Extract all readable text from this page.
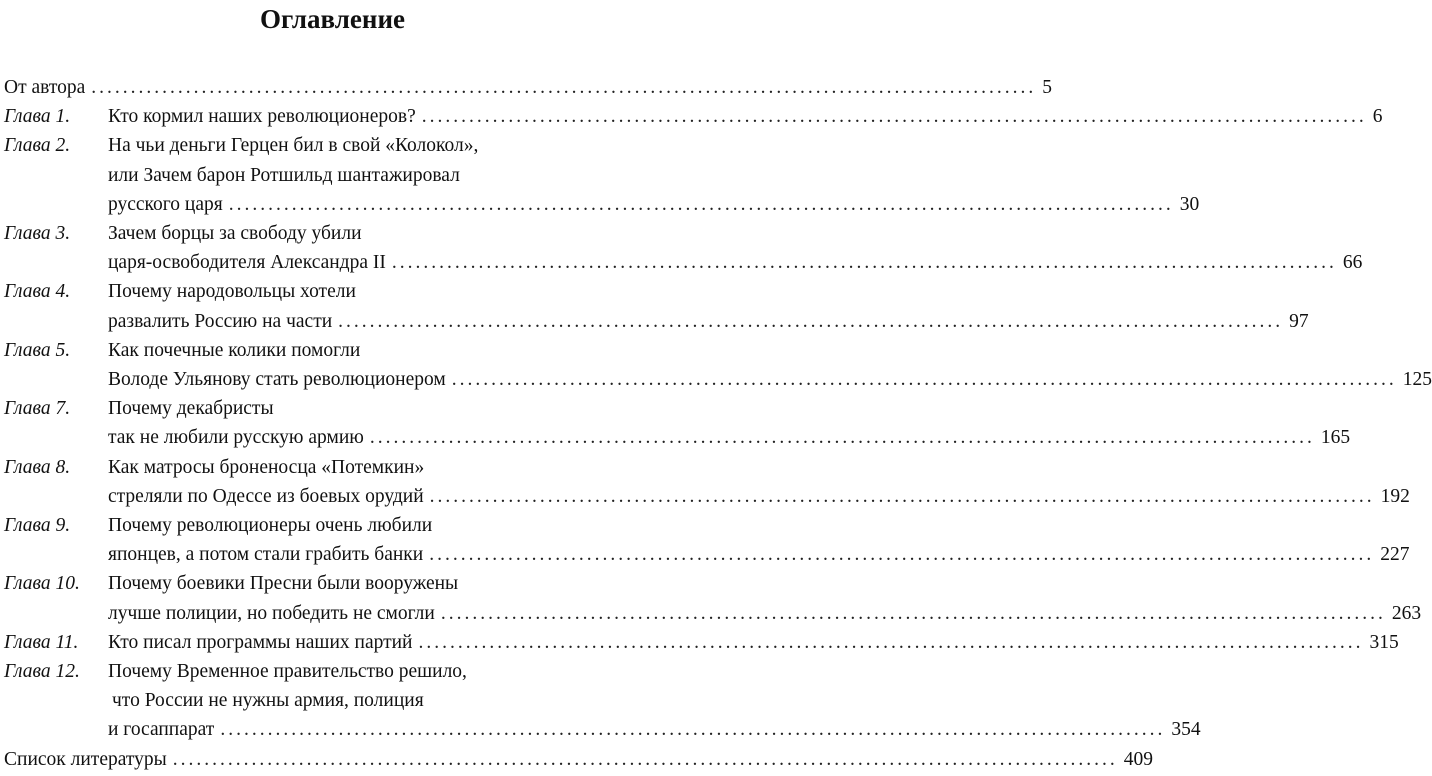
Оглавление
От автора ........................................................................................................................ 5
Глава 1.	Кто кормил наших революционеров? ........................................................................................................................ 6
Глава 2.	На чьи деньги Герцен бил в свой «Колокол»,
или Зачем барон Ротшильд шантажировал
русского царя ........................................................................................................................ 30
Глава 3.	Зачем борцы за свободу убили
царя-освободителя Александра II ........................................................................................................................ 66
Глава 4.	Почему народовольцы хотели
развалить Россию на части ........................................................................................................................ 97
Глава 5.	Как почечные колики помогли
Володе Ульянову стать революционером ........................................................................................................................ 125
Глава 7.	Почему декабристы
так не любили русскую армию ........................................................................................................................ 165
Глава 8.	Как матросы броненосца «Потемкин»
стреляли по Одессе из боевых орудий ........................................................................................................................ 192
Глава 9.	Почему революционеры очень любили
японцев, а потом стали грабить банки ........................................................................................................................ 227
Глава 10.	Почему боевики Пресни были вооружены
лучше полиции, но победить не смогли ........................................................................................................................ 263
Глава 11.	Кто писал программы наших партий ........................................................................................................................ 315
Глава 12.	Почему Временное правительство решило,
что России не нужны армия, полиция
и госаппарат ........................................................................................................................ 354
Список литературы ........................................................................................................................ 409
